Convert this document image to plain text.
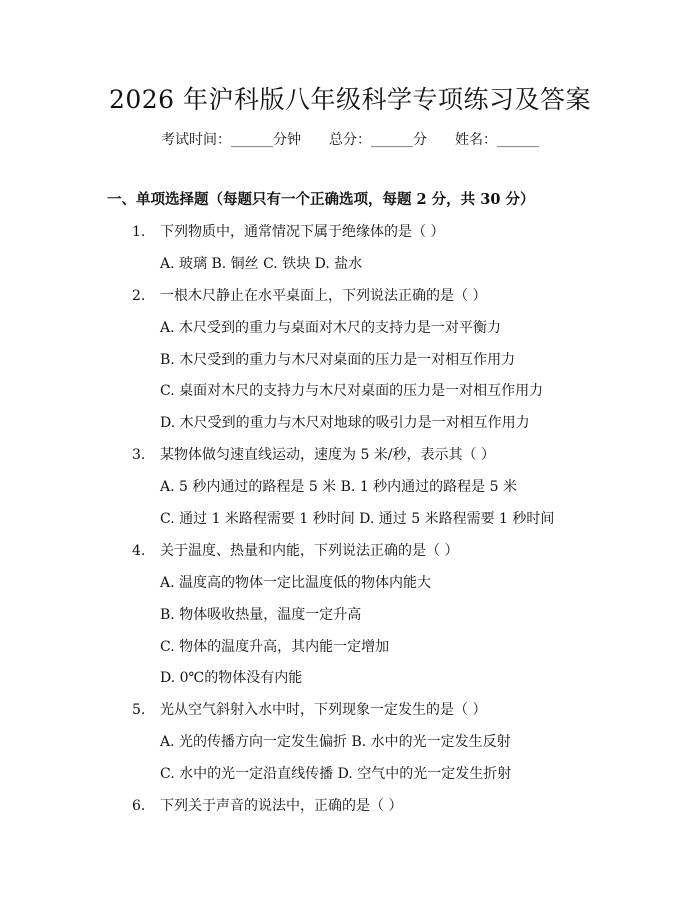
2026 年沪科版八年级科学专项练习及答案
考试时间：______分钟 总分：______分 姓名：______
一、单项选择题（每题只有一个正确选项，每题 2 分，共 30 分）
1.	下列物质中，通常情况下属于绝缘体的是（ ）
A. 玻璃 B. 铜丝 C. 铁块 D. 盐水
2.	一根木尺静止在水平桌面上，下列说法正确的是（ ）
A. 木尺受到的重力与桌面对木尺的支持力是一对平衡力
B. 木尺受到的重力与木尺对桌面的压力是一对相互作用力
C. 桌面对木尺的支持力与木尺对桌面的压力是一对相互作用力
D. 木尺受到的重力与木尺对地球的吸引力是一对相互作用力
3.	某物体做匀速直线运动，速度为 5 米/秒，表示其（ ）
A. 5 秒内通过的路程是 5 米 B. 1 秒内通过的路程是 5 米
C. 通过 1 米路程需要 1 秒时间 D. 通过 5 米路程需要 1 秒时间
4.	关于温度、热量和内能，下列说法正确的是（ ）
A. 温度高的物体一定比温度低的物体内能大
B. 物体吸收热量，温度一定升高
C. 物体的温度升高，其内能一定增加
D. 0℃的物体没有内能
5.	光从空气斜射入水中时，下列现象一定发生的是（ ）
A. 光的传播方向一定发生偏折 B. 水中的光一定发生反射
C. 水中的光一定沿直线传播 D. 空气中的光一定发生折射
6.	下列关于声音的说法中，正确的是（ ）
